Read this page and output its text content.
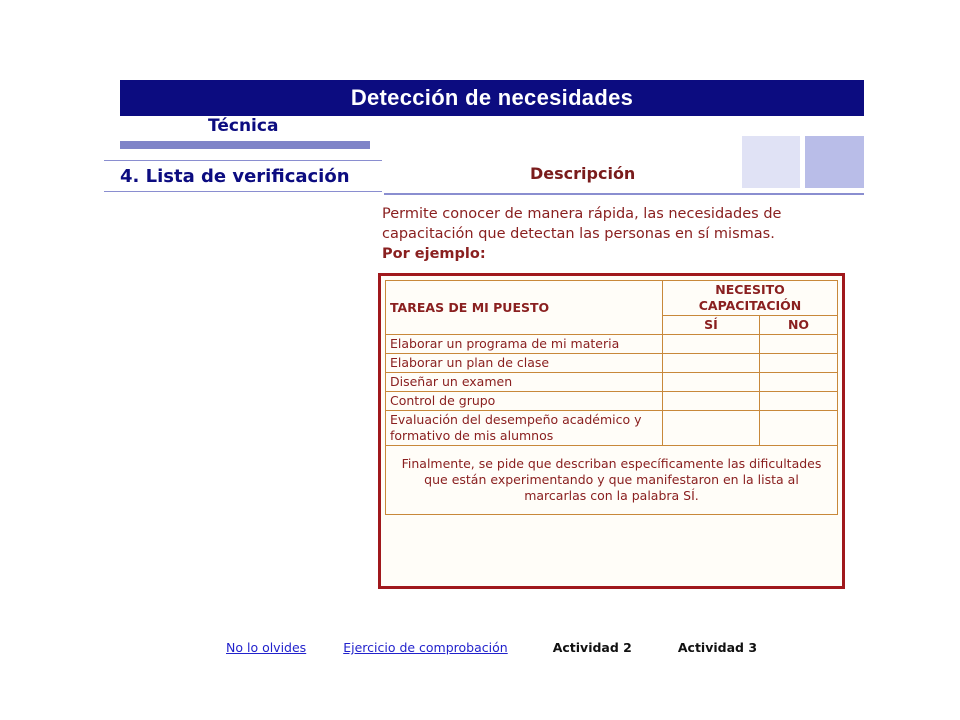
Detección de necesidades
Técnica
4. Lista de verificación	Descripción
Permite conocer de manera rápida, las necesidades de capacitación que detectan las personas en sí mismas.
Por ejemplo:
TAREAS DE MI PUESTO	NECESITO CAPACITACIÓN	
	SÍ	NO
Elaborar un programa de mi materia		
Elaborar un plan de clase		
Diseñar un examen		
Control de grupo		
Evaluación del desempeño académico y formativo de mis alumnos		
Finalmente, se pide que describan específicamente las dificultades que están experimentando y que manifestaron en la lista al marcarlas con la palabra SÍ.		
No lo olvides	Ejercicio de comprobación	Actividad 2	Actividad 3
